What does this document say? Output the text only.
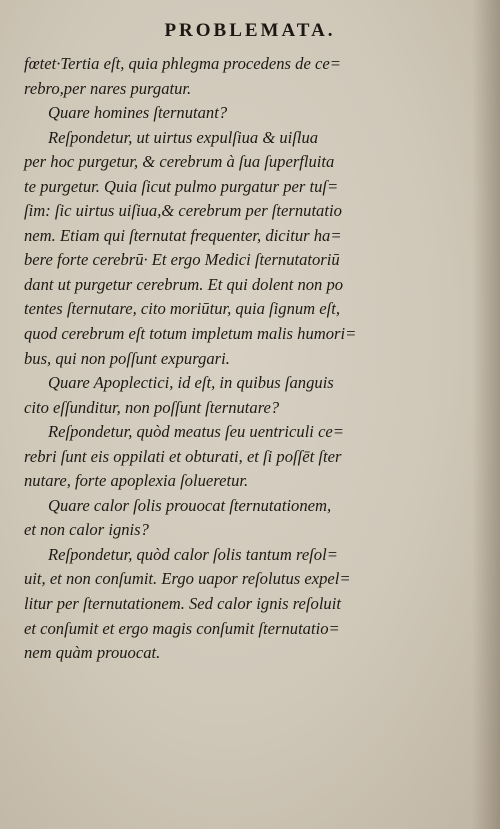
PROBLEMATA.
fœtet·Tertia eſt, quia phlegma procedens de ce=
rebro,per nares purgatur.
Quare homines ſternutant?
Reſpondetur, ut uirtus expulſiua & uiſlua
per hoc purgetur, & cerebrum à ſua ſuperfluita
te purgetur. Quia ſicut pulmo purgatur per tuſ=
ſim: ſic uirtus uiſiua,& cerebrum per ſternutatio
nem. Etiam qui ſternutat frequenter, dicitur ha=
bere forte cerebrū· Et ergo Medici ſternutatoriū
dant ut purgetur cerebrum. Et qui dolent non po
tentes ſternutare, cito moriūtur, quia ſignum eſt,
quod cerebrum eſt totum impletum malis humori=
bus, qui non poſſunt expurgari.
Quare Apoplectici, id eſt, in quibus ſanguis
cito eſſunditur, non poſſunt ſternutare?
Reſpondetur, quòd meatus ſeu uentriculi ce=
rebri ſunt eis oppilati et obturati, et ſi poſſēt ſter
nutare, forte apoplexia ſolueretur.
Quare calor ſolis prouocat ſternutationem,
et non calor ignis?
Reſpondetur, quòd calor ſolis tantum reſol=
uit, et non conſumit. Ergo uapor reſolutus expel=
litur per ſternutationem. Sed calor ignis reſoluit
et conſumit et ergo magis conſumit ſternutatio=
nem quàm prouocat.
